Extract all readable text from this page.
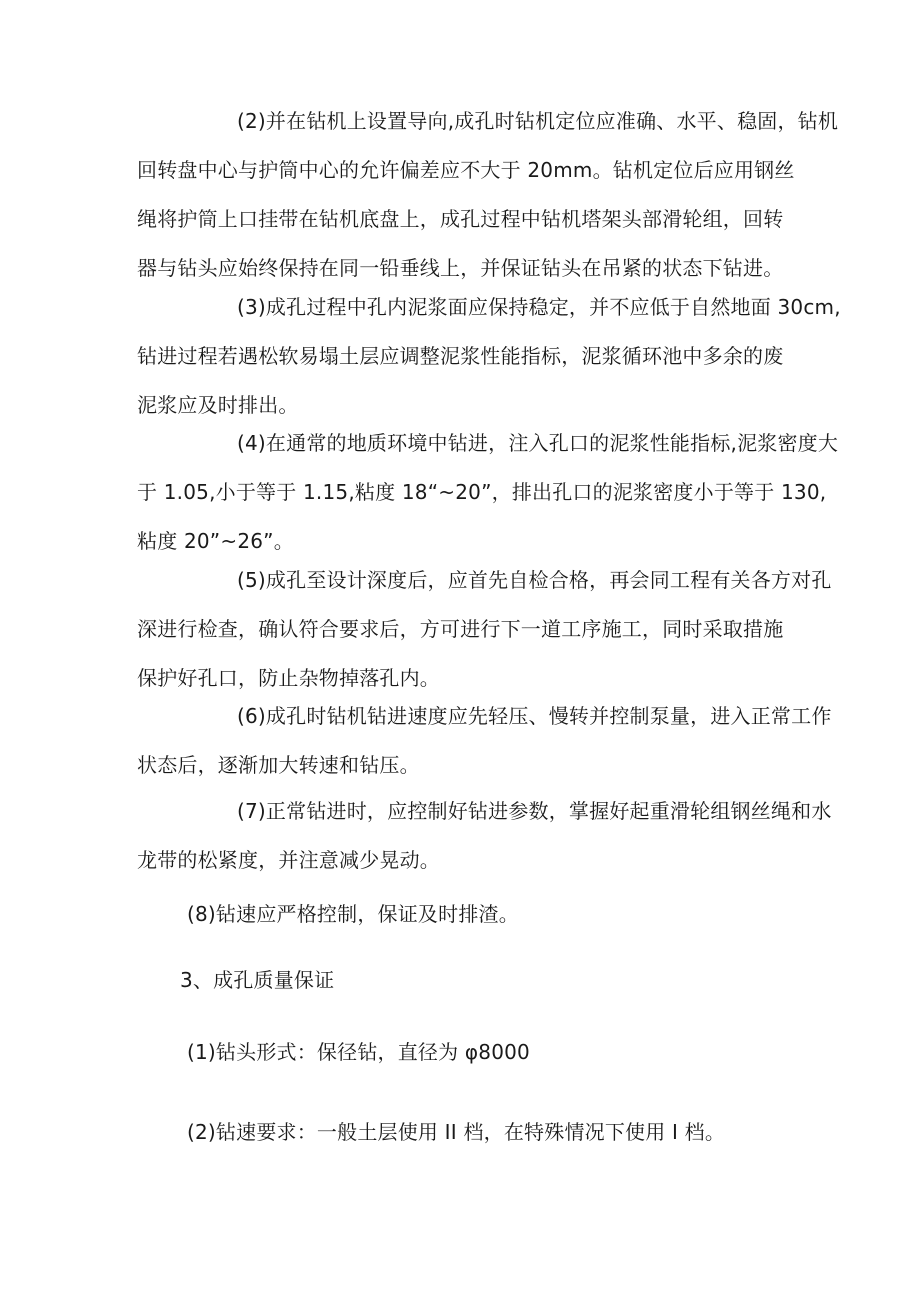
(2)并在钻机上设置导向,成孔时钻机定位应准确、水平、稳固，钻机
回转盘中心与护筒中心的允许偏差应不大于 20mm。钻机定位后应用钢丝
绳将护筒上口挂带在钻机底盘上，成孔过程中钻机塔架头部滑轮组，回转
器与钻头应始终保持在同一铅垂线上，并保证钻头在吊紧的状态下钻进。
(3)成孔过程中孔内泥浆面应保持稳定，并不应低于自然地面 30cm,
钻进过程若遇松软易塌土层应调整泥浆性能指标，泥浆循环池中多余的废
泥浆应及时排出。
(4)在通常的地质环境中钻进，注入孔口的泥浆性能指标,泥浆密度大
于 1.05,小于等于 1.15,粘度 18“~20”，排出孔口的泥浆密度小于等于 130,
粘度 20”~26”。
(5)成孔至设计深度后，应首先自检合格，再会同工程有关各方对孔
深进行检查，确认符合要求后，方可进行下一道工序施工，同时采取措施
保护好孔口，防止杂物掉落孔内。
(6)成孔时钻机钻进速度应先轻压、慢转并控制泵量，进入正常工作
状态后，逐渐加大转速和钻压。
(7)正常钻进时，应控制好钻进参数，掌握好起重滑轮组钢丝绳和水
龙带的松紧度，并注意减少晃动。

(8)钻速应严格控制，保证及时排渣。

3、成孔质量保证

(1)钻头形式：保径钻，直径为 φ8000

(2)钻速要求：一般土层使用 II 档，在特殊情况下使用 I 档。
